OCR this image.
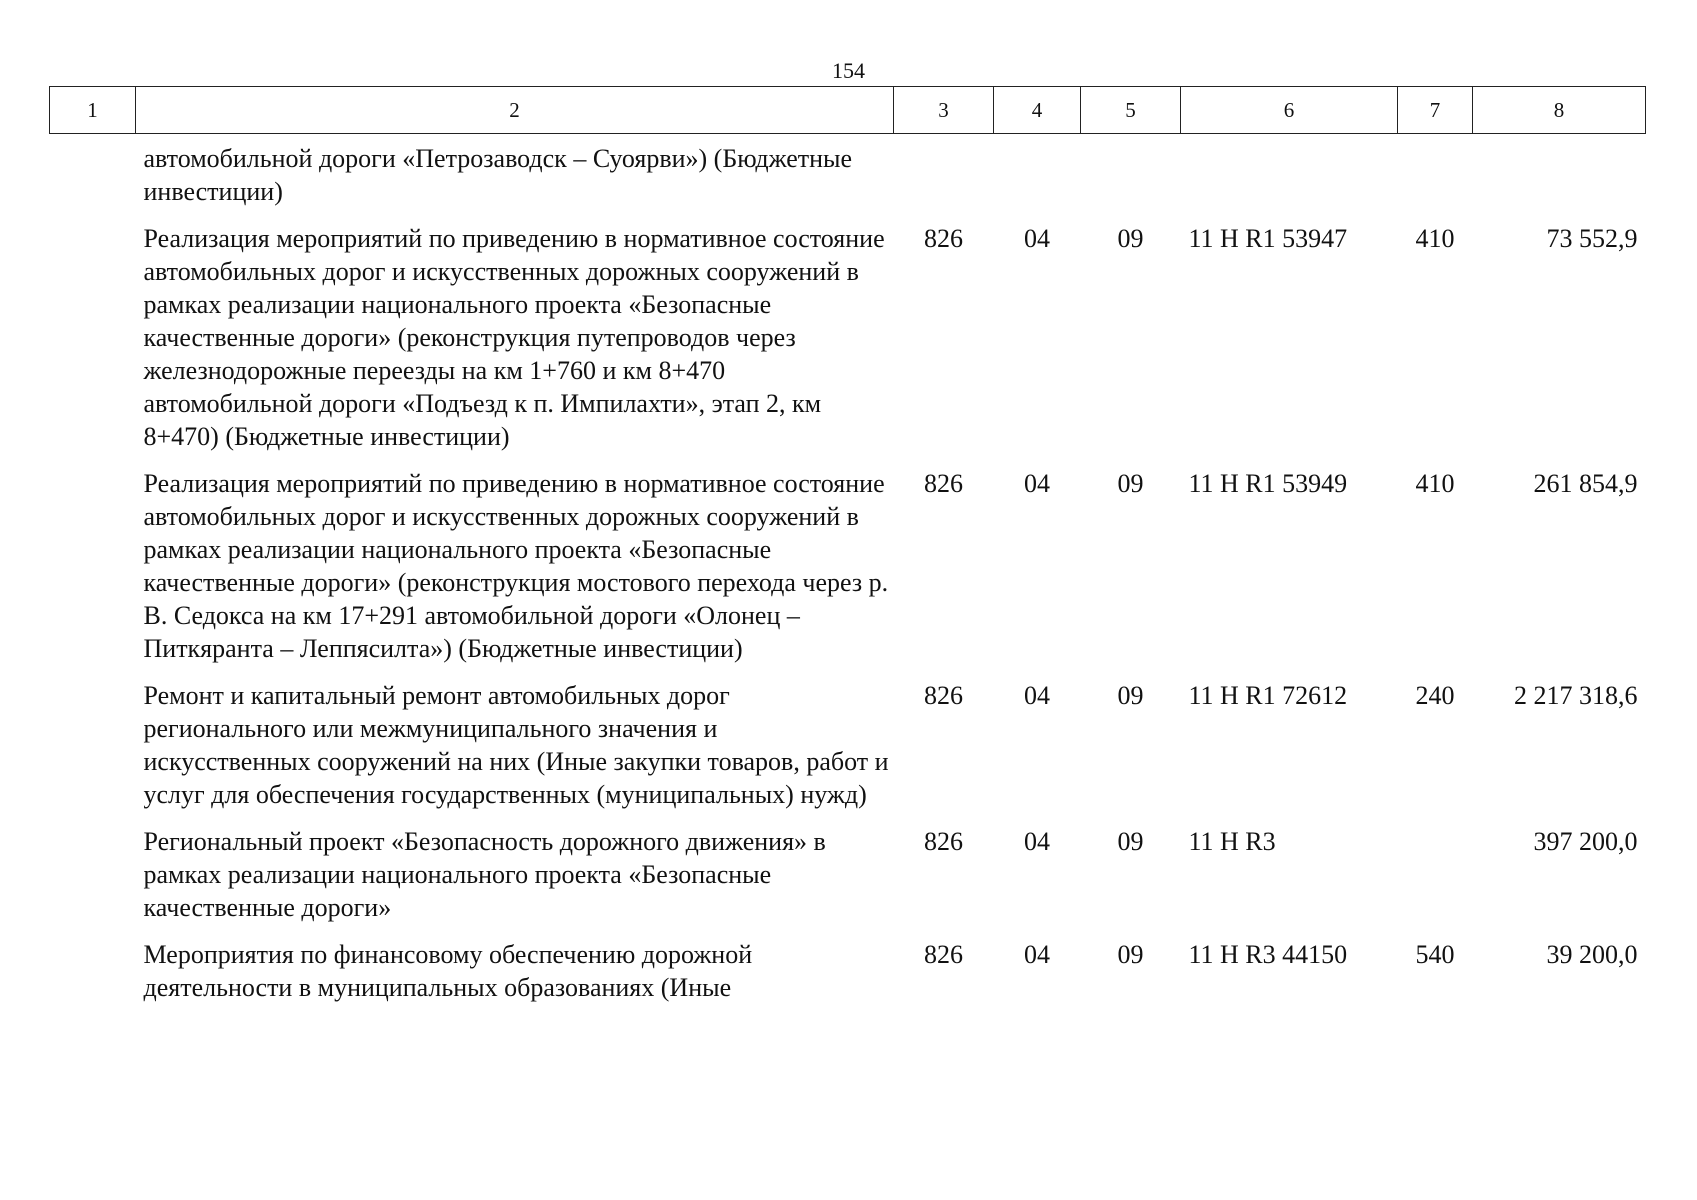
154
1	2	3	4	5	6	7	8
	автомобильной дороги «Петрозаводск – Суоярви») (Бюджетные инвестиции)						
	Реализация мероприятий по приведению в нормативное состояние автомобильных дорог и искусственных дорожных сооружений в рамках реализации национального проекта «Безопасные качественные дороги» (реконструкция путепроводов через железнодорожные переезды на км 1+760 и км 8+470 автомобильной дороги «Подъезд к п. Импилахти», этап 2, км 8+470) (Бюджетные инвестиции)	826	04	09	11 Н R1 53947	410	73 552,9
	Реализация мероприятий по приведению в нормативное состояние автомобильных дорог и искусственных дорожных сооружений в рамках реализации национального проекта «Безопасные качественные дороги» (реконструкция мостового перехода через р. В. Седокса на км 17+291 автомобильной дороги «Олонец – Питкяранта – Леппясилта») (Бюджетные инвестиции)	826	04	09	11 Н R1 53949	410	261 854,9
	Ремонт и капитальный ремонт автомобильных дорог регионального или межмуниципального значения и искусственных сооружений на них (Иные закупки товаров, работ и услуг для обеспечения государственных (муниципальных) нужд)	826	04	09	11 Н R1 72612	240	2 217 318,6
	Региональный проект «Безопасность дорожного движения» в рамках реализации национального проекта «Безопасные качественные дороги»	826	04	09	11 Н R3		397 200,0
	Мероприятия по финансовому обеспечению дорожной деятельности в муниципальных образованиях (Иные	826	04	09	11 Н R3 44150	540	39 200,0
